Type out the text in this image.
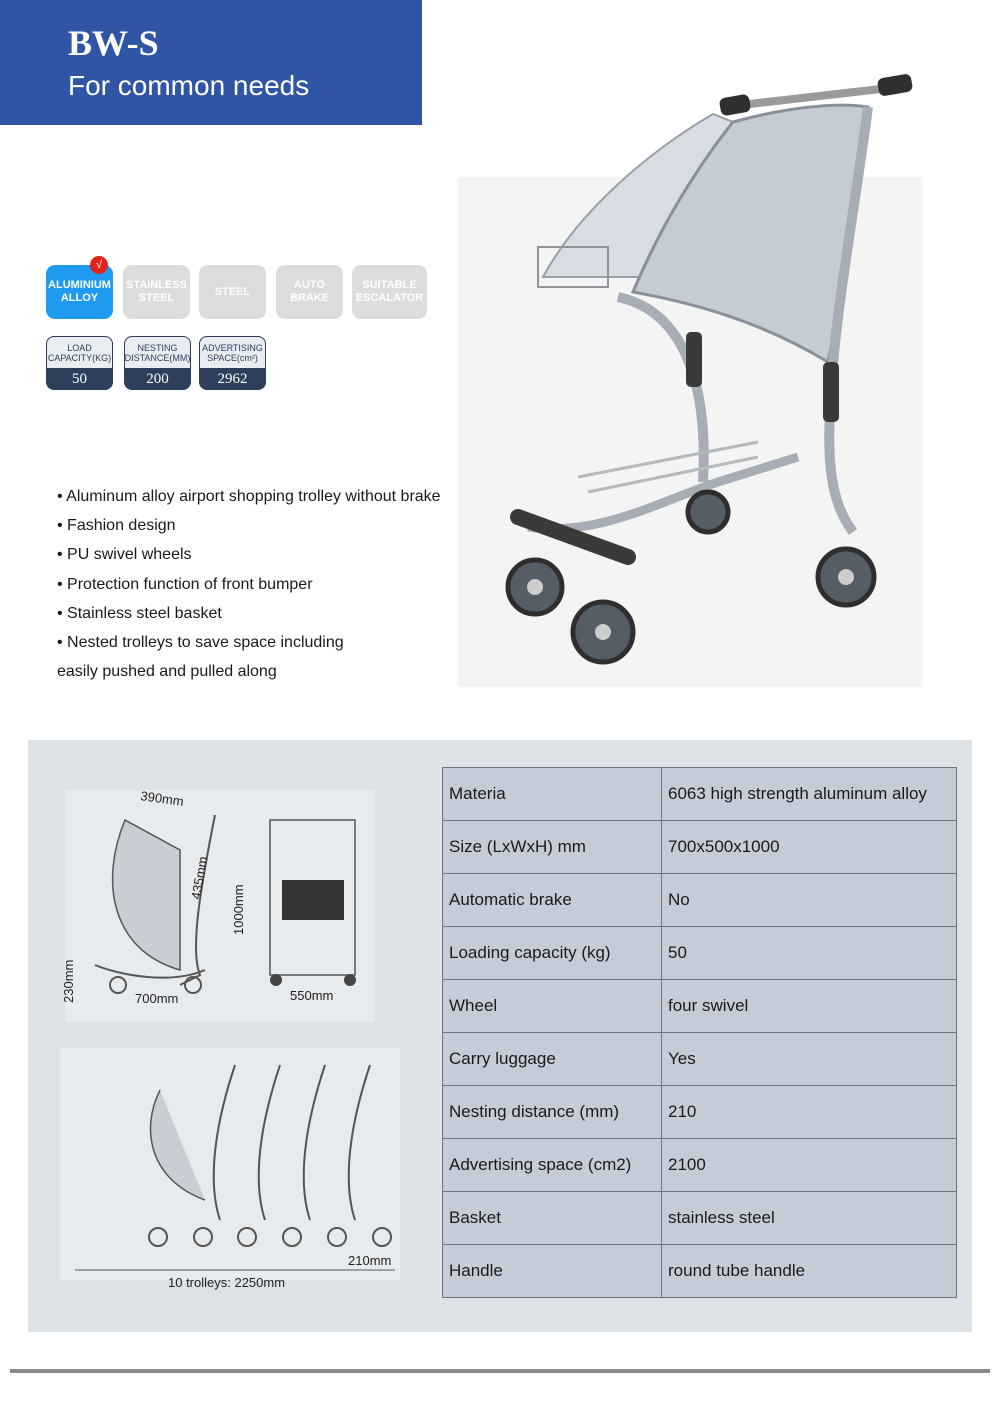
BW-S
For common needs
ALUMINIUM ALLOY
√
STAINLESS STEEL
STEEL
AUTO BRAKE
SUITABLE ESCALATOR
LOAD CAPACITY(KG)
50
NESTING DISTANCE(MM)
200
ADVERTISING SPACE(cm²)
2962
• Aluminum alloy airport shopping trolley without brake
• Fashion design
• PU swivel wheels
• Protection function of front bumper
• Stainless steel basket
• Nested trolleys to save space including
easily pushed and pulled along
390mm
435mm
1000mm
230mm	700mm	550mm
210mm
10 trolleys: 2250mm
Materia	6063 high strength aluminum alloy
Size (LxWxH) mm	700x500x1000
Automatic brake	No
Loading capacity (kg)	50
Wheel	four swivel
Carry luggage	Yes
Nesting distance (mm)	210
Advertising space (cm2)	2100
Basket	stainless steel
Handle	round tube handle
